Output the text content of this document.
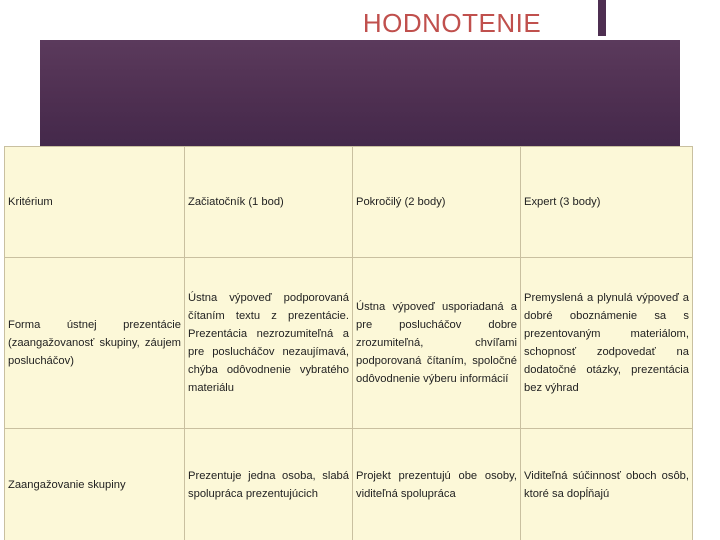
HODNOTENIE
Kritérium	Začiatočník (1 bod)	Pokročilý (2 body)	Expert (3 body)
Forma ústnej prezentácie (zaangažovanosť skupiny, záujem poslucháčov)	Ústna výpoveď podporovaná čítaním textu z prezentácie. Prezentácia nezrozumiteľná a pre poslucháčov nezaujímavá, chýba odôvodnenie vybratého materiálu	Ústna výpoveď usporiadaná a pre poslucháčov dobre zrozumiteľná, chvíľami podporovaná čítaním, spoločné odôvodnenie výberu informácií	Premyslená a plynulá výpoveď a dobré oboznámenie sa s prezentovaným materiálom, schopnosť zodpovedať na dodatočné otázky, prezentácia bez výhrad
Zaangažovanie skupiny	Prezentuje jedna osoba, slabá spolupráca prezentujúcich	Projekt prezentujú obe osoby, viditeľná spolupráca	Viditeľná súčinnosť oboch osôb, ktoré sa dopĺňajú
